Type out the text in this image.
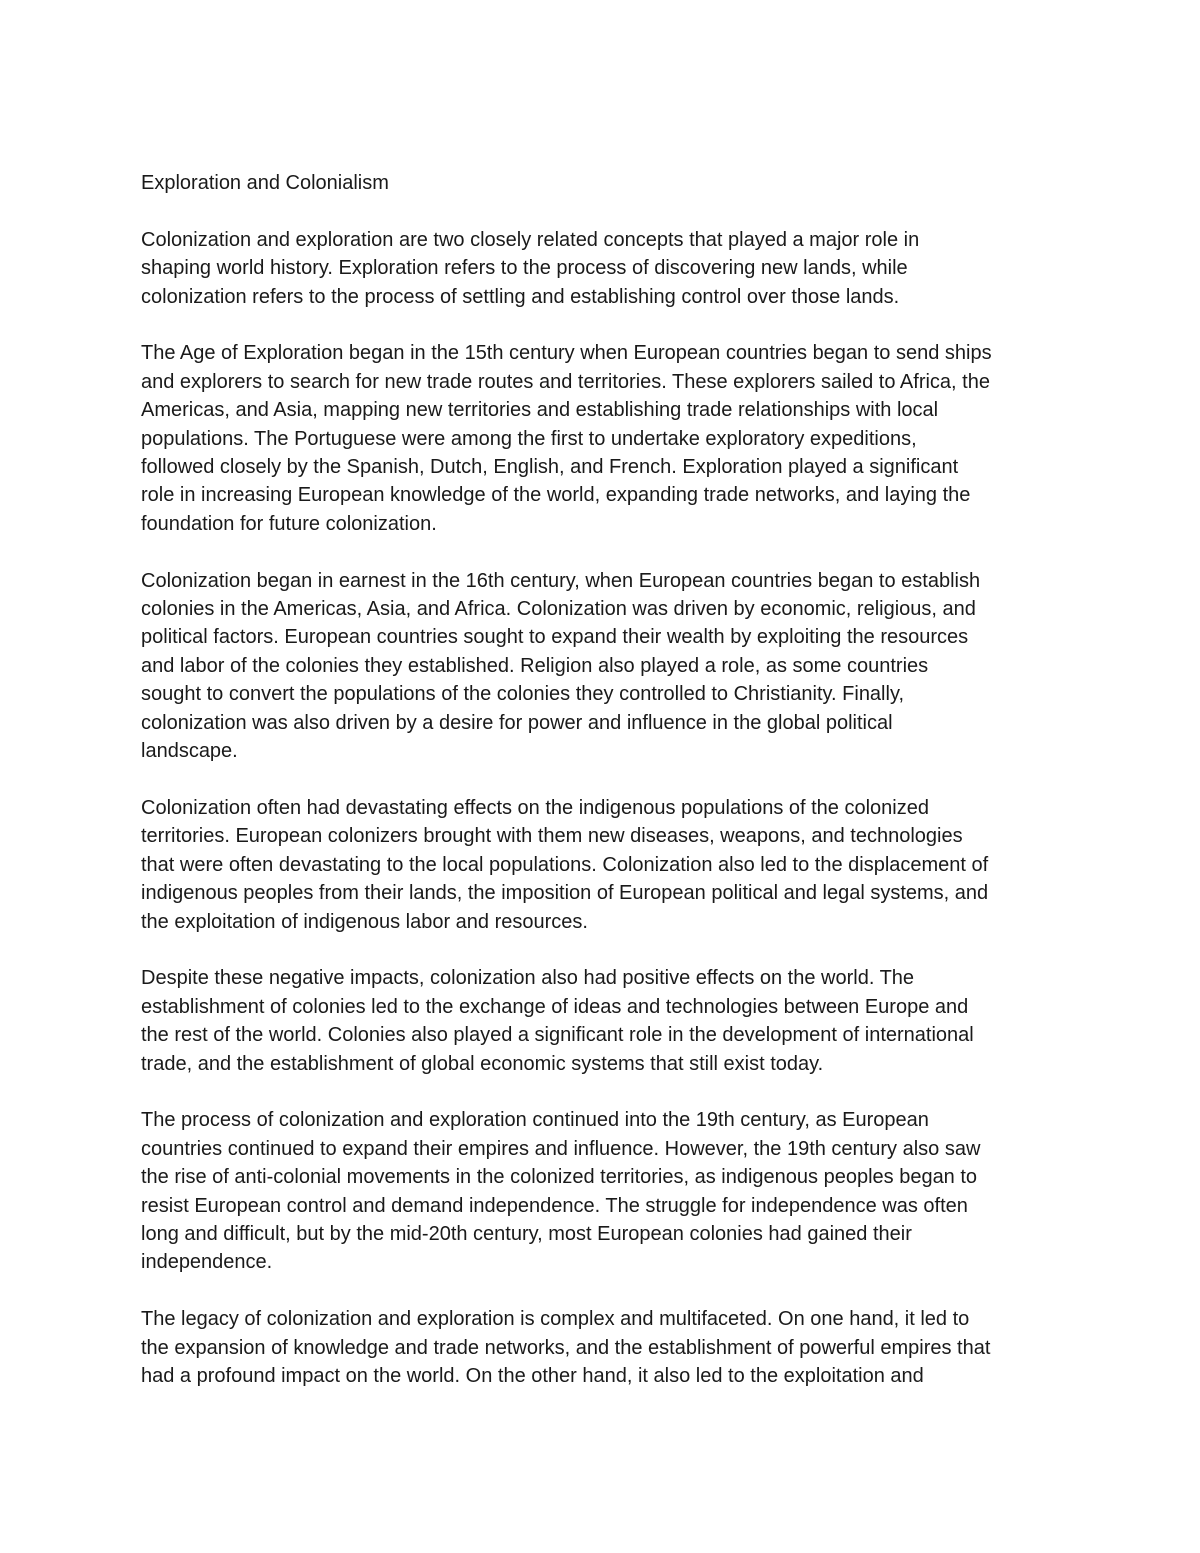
Exploration and Colonialism
Colonization and exploration are two closely related concepts that played a major role in
shaping world history. Exploration refers to the process of discovering new lands, while
colonization refers to the process of settling and establishing control over those lands.
The Age of Exploration began in the 15th century when European countries began to send ships
and explorers to search for new trade routes and territories. These explorers sailed to Africa, the
Americas, and Asia, mapping new territories and establishing trade relationships with local
populations. The Portuguese were among the first to undertake exploratory expeditions,
followed closely by the Spanish, Dutch, English, and French. Exploration played a significant
role in increasing European knowledge of the world, expanding trade networks, and laying the
foundation for future colonization.
Colonization began in earnest in the 16th century, when European countries began to establish
colonies in the Americas, Asia, and Africa. Colonization was driven by economic, religious, and
political factors. European countries sought to expand their wealth by exploiting the resources
and labor of the colonies they established. Religion also played a role, as some countries
sought to convert the populations of the colonies they controlled to Christianity. Finally,
colonization was also driven by a desire for power and influence in the global political
landscape.
Colonization often had devastating effects on the indigenous populations of the colonized
territories. European colonizers brought with them new diseases, weapons, and technologies
that were often devastating to the local populations. Colonization also led to the displacement of
indigenous peoples from their lands, the imposition of European political and legal systems, and
the exploitation of indigenous labor and resources.
Despite these negative impacts, colonization also had positive effects on the world. The
establishment of colonies led to the exchange of ideas and technologies between Europe and
the rest of the world. Colonies also played a significant role in the development of international
trade, and the establishment of global economic systems that still exist today.
The process of colonization and exploration continued into the 19th century, as European
countries continued to expand their empires and influence. However, the 19th century also saw
the rise of anti-colonial movements in the colonized territories, as indigenous peoples began to
resist European control and demand independence. The struggle for independence was often
long and difficult, but by the mid-20th century, most European colonies had gained their
independence.
The legacy of colonization and exploration is complex and multifaceted. On one hand, it led to
the expansion of knowledge and trade networks, and the establishment of powerful empires that
had a profound impact on the world. On the other hand, it also led to the exploitation and
